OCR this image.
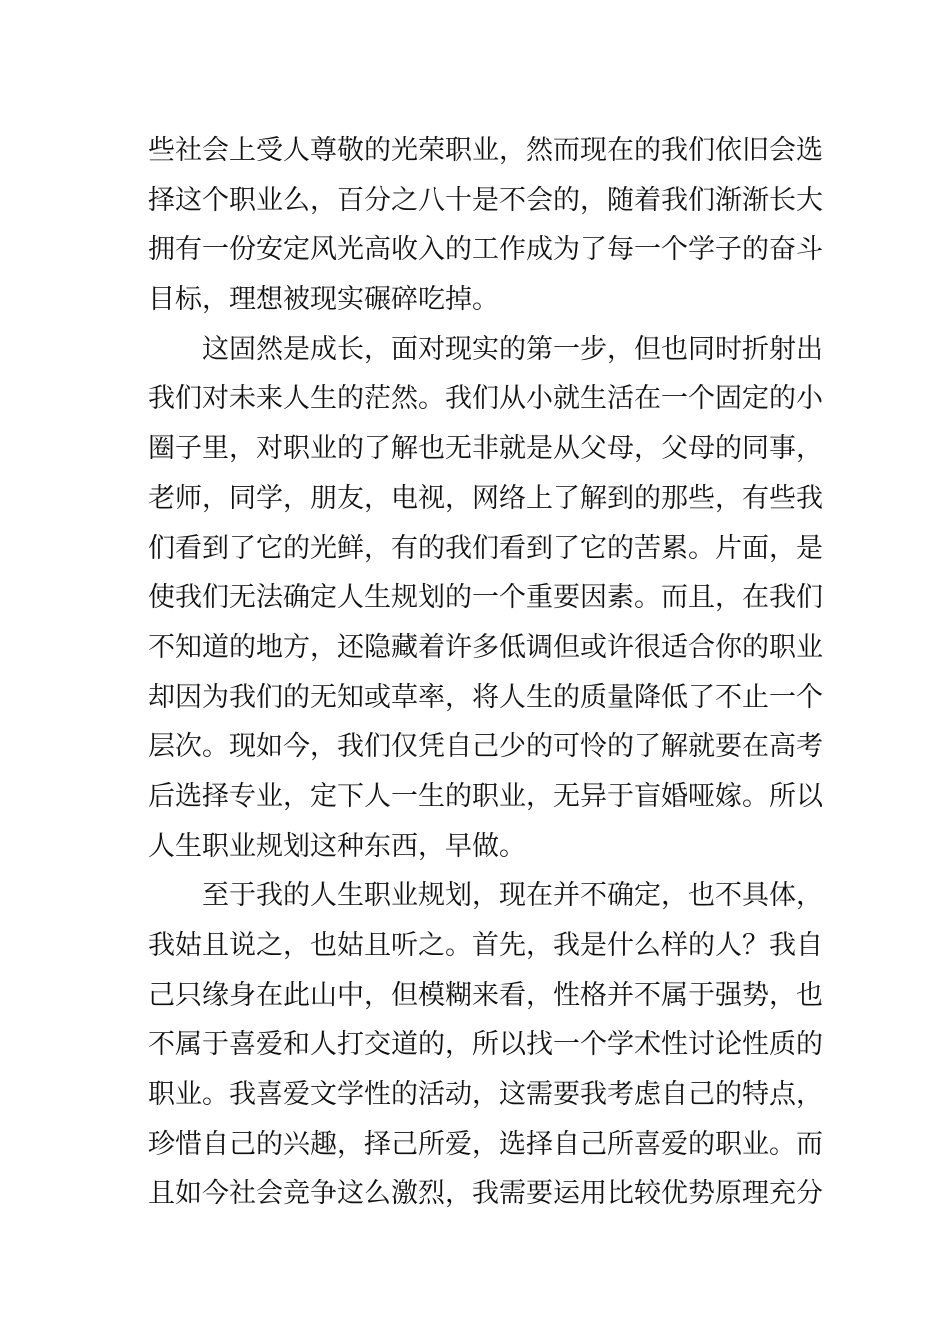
些社会上受人尊敬的光荣职业，然而现在的我们依旧会选
择这个职业么，百分之八十是不会的，随着我们渐渐长大
拥有一份安定风光高收入的工作成为了每一个学子的奋斗
目标，理想被现实碾碎吃掉。
这固然是成长，面对现实的第一步，但也同时折射出
我们对未来人生的茫然。我们从小就生活在一个固定的小
圈子里，对职业的了解也无非就是从父母，父母的同事，
老师，同学，朋友，电视，网络上了解到的那些，有些我
们看到了它的光鲜，有的我们看到了它的苦累。片面，是
使我们无法确定人生规划的一个重要因素。而且，在我们
不知道的地方，还隐藏着许多低调但或许很适合你的职业
却因为我们的无知或草率，将人生的质量降低了不止一个
层次。现如今，我们仅凭自己少的可怜的了解就要在高考
后选择专业，定下人一生的职业，无异于盲婚哑嫁。所以
人生职业规划这种东西，早做。
至于我的人生职业规划，现在并不确定，也不具体，
我姑且说之，也姑且听之。首先，我是什么样的人？我自
己只缘身在此山中，但模糊来看，性格并不属于强势，也
不属于喜爱和人打交道的，所以找一个学术性讨论性质的
职业。我喜爱文学性的活动，这需要我考虑自己的特点，
珍惜自己的兴趣，择己所爱，选择自己所喜爱的职业。而
且如今社会竞争这么激烈，我需要运用比较优势原理充分
